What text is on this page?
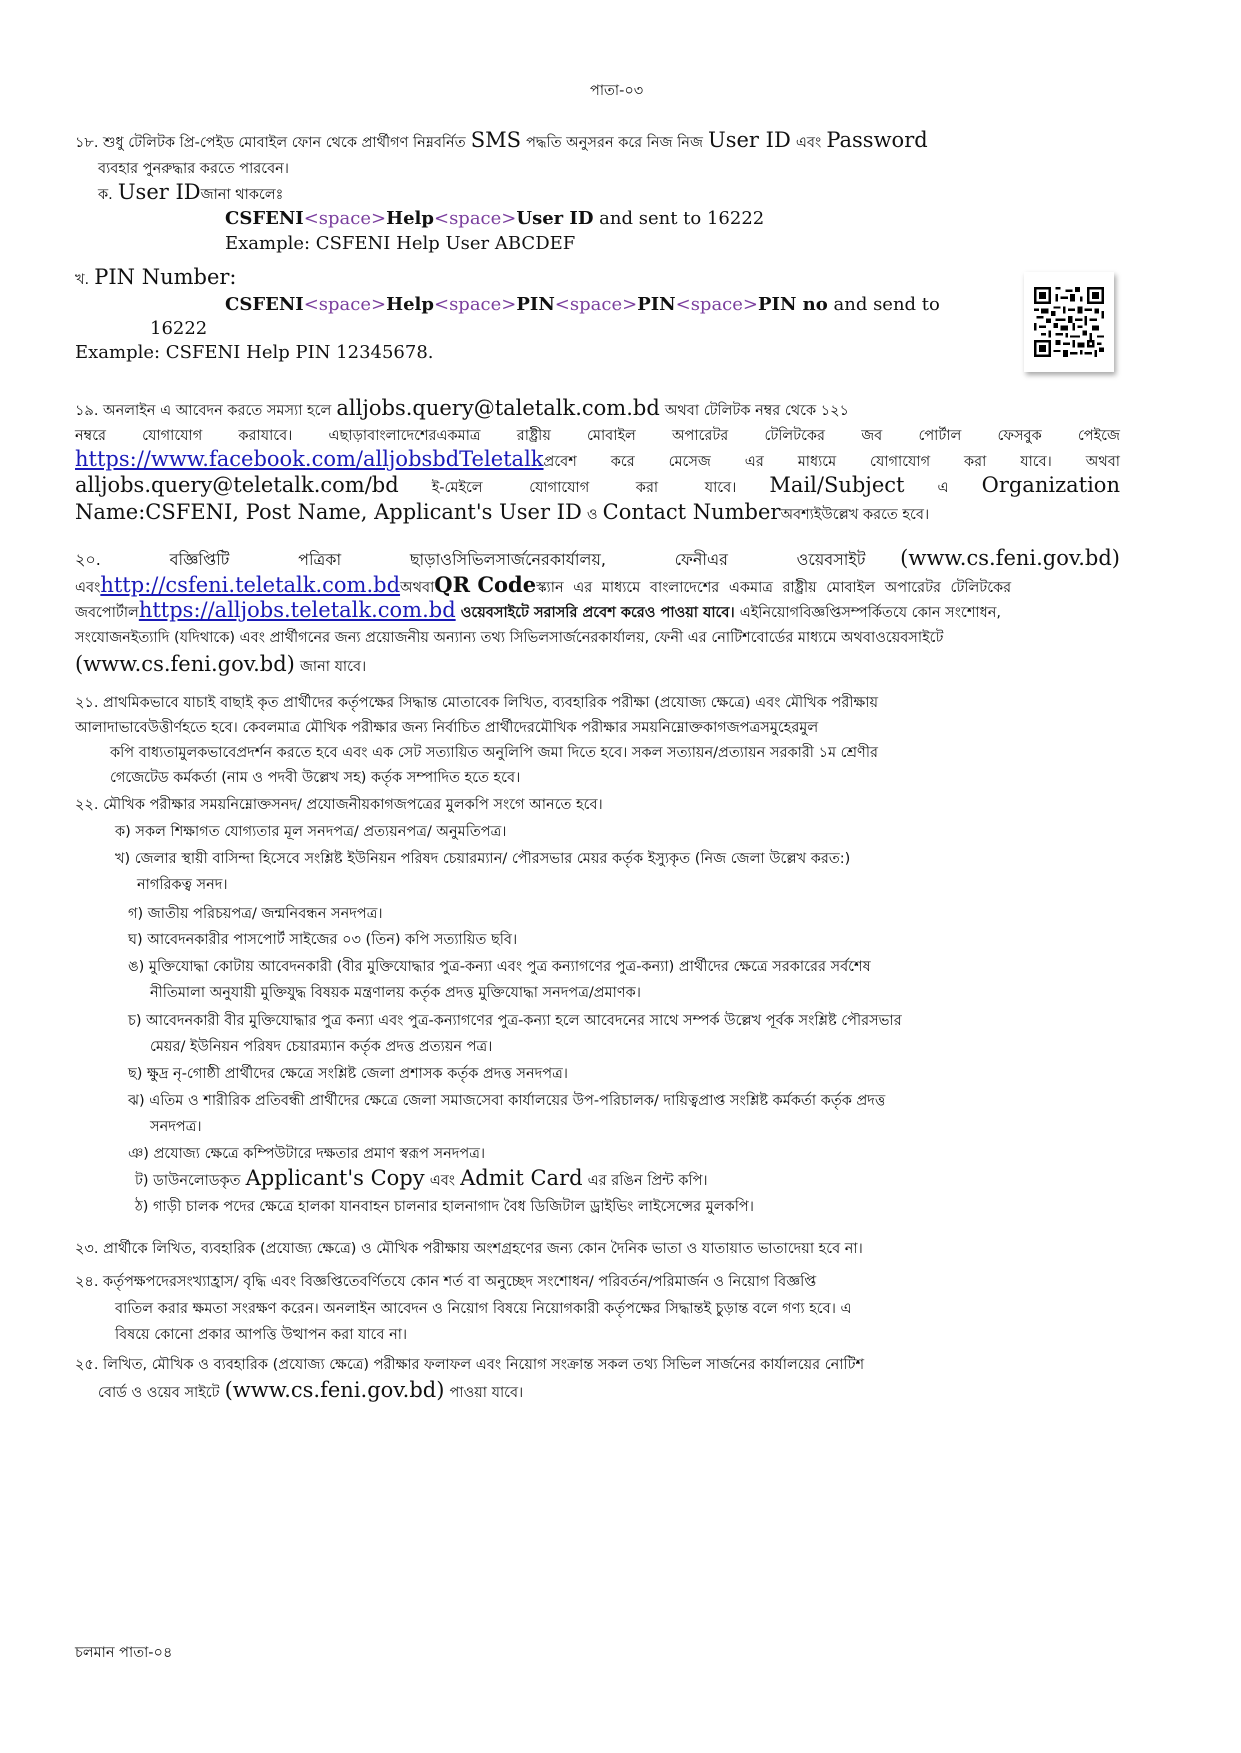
পাতা-০৩
১৮. শুধু টেলিটক প্রি-পেইড মোবাইল ফোন থেকে প্রার্থীগণ নিম্নবর্নিত SMS পদ্ধতি অনুসরন করে নিজ নিজ User ID এবং Password
ব্যবহার পুনরুদ্ধার করতে পারবেন।
ক. User IDজানা থাকলেঃ
CSFENI<space>Help<space>User ID and sent to 16222
Example: CSFENI Help User ABCDEF
খ. PIN Number:
CSFENI<space>Help<space>PIN<space>PIN<space>PIN no and send to
16222
Example: CSFENI Help PIN 12345678.
১৯. অনলাইন এ আবেদন করতে সমস্যা হলে alljobs.query@taletalk.com.bd অথবা টেলিটক নম্বর থেকে ১২১
নম্বরে যোগাযোগ করাযাবে। এছাড়াবাংলাদেশেরএকমাত্র রাষ্ট্রীয় মোবাইল অপারেটর টেলিটকের জব পোর্টাল ফেসবুক পেইজে
https://www.facebook.com/alljobsbdTeletalkপ্রবেশ করে মেসেজ এর মাধ্যমে যোগাযোগ করা যাবে। অথবা
alljobs.query@teletalk.com/bd ই-মেইলে যোগাযোগ করা যাবে। Mail/Subject এ Organization
Name:CSFENI, Post Name, Applicant's User ID ও Contact Numberঅবশ্যইউল্লেখ করতে হবে।
২০. বজ্ঞিপ্তিটি পত্রিকা ছাড়াওসিভিলসার্জনেরকার্যালয়, ফেনীএর ওয়েবসাইট (www.cs.feni.gov.bd)
এবংhttp://csfeni.teletalk.com.bdঅথবাQR Codeস্ক্যান এর মাধ্যমে বাংলাদেশের একমাত্র রাষ্ট্রীয় মোবাইল অপারেটর টেলিটকের
জবপোর্টালhttps://alljobs.teletalk.com.bd ওয়েবসাইটে সরাসরি প্রবেশ করেও পাওয়া যাবে। এইনিয়োগবিজ্ঞপ্তিসম্পর্কিতযে কোন সংশোধন,
সংযোজনইত্যাদি (যদিথাকে) এবং প্রার্থীগনের জন্য প্রয়োজনীয় অন্যান্য তথ্য সিভিলসার্জনেরকার্যালয়, ফেনী এর নোটিশবোর্ডের মাধ্যমে অথবাওয়েবসাইটে
(www.cs.feni.gov.bd) জানা যাবে।
২১. প্রাথমিকভাবে যাচাই বাছাই কৃত প্রার্থীদের কর্তৃপক্ষের সিদ্ধান্ত মোতাবেক লিখিত, ব্যবহারিক পরীক্ষা (প্রযোজ্য ক্ষেত্রে) এবং মৌখিক পরীক্ষায়
আলাদাভাবেউত্তীর্ণহতে হবে। কেবলমাত্র মৌখিক পরীক্ষার জন্য নির্বাচিত প্রার্থীদেরমৌখিক পরীক্ষার সময়নিম্নোক্তকাগজপত্রসমুহেরমুল
কপি বাধ্যতামুলকভাবেপ্রদর্শন করতে হবে এবং এক সেট সত্যায়িত অনুলিপি জমা দিতে হবে। সকল সত্যায়ন/প্রত্যায়ন সরকারী ১ম শ্রেণীর
গেজেটেড কর্মকর্তা (নাম ও পদবী উল্লেখ সহ) কর্তৃক সম্পাদিত হতে হবে।
২২. মৌখিক পরীক্ষার সময়নিম্নোক্তসনদ/ প্রযোজনীয়কাগজপত্রের মুলকপি সংগে আনতে হবে।
ক) সকল শিক্ষাগত যোগ্যতার মূল সনদপত্র/ প্রত্যয়নপত্র/ অনুমতিপত্র।
খ) জেলার স্থায়ী বাসিন্দা হিসেবে সংশ্লিষ্ট ইউনিয়ন পরিষদ চেয়ারম্যান/ পৌরসভার মেয়র কর্তৃক ইস্যুকৃত (নিজ জেলা উল্লেখ করত:)
নাগরিকত্ব সনদ।
গ) জাতীয় পরিচয়পত্র/ জন্মনিবন্ধন সনদপত্র।
ঘ) আবেদনকারীর পাসপোর্ট সাইজের ০৩ (তিন) কপি সত্যায়িত ছবি।
ঙ) মুক্তিযোদ্ধা কোটায় আবেদনকারী (বীর মুক্তিযোদ্ধার পুত্র-কন্যা এবং পুত্র কন্যাগণের পুত্র-কন্যা) প্রার্থীদের ক্ষেত্রে সরকারের সর্বশেষ
নীতিমালা অনুযায়ী মুক্তিযুদ্ধ বিষয়ক মন্ত্রণালয় কর্তৃক প্রদত্ত মুক্তিযোদ্ধা সনদপত্র/প্রমাণক।
চ) আবেদনকারী বীর মুক্তিযোদ্ধার পুত্র কন্যা এবং পুত্র-কন্যাগণের পুত্র-কন্যা হলে আবেদনের সাথে সম্পর্ক উল্লেখ পূর্বক সংশ্লিষ্ট পৌরসভার
মেয়র/ ইউনিয়ন পরিষদ চেয়ারম্যান কর্তৃক প্রদত্ত প্রত্যয়ন পত্র।
ছ) ক্ষুদ্র নৃ-গোষ্ঠী প্রার্থীদের ক্ষেত্রে সংশ্লিষ্ট জেলা প্রশাসক কর্তৃক প্রদত্ত সনদপত্র।
ঝ) এতিম ও শারীরিক প্রতিবন্ধী প্রার্থীদের ক্ষেত্রে জেলা সমাজসেবা কার্যালয়ের উপ-পরিচালক/ দায়িত্বপ্রাপ্ত সংশ্লিষ্ট কর্মকর্তা কর্তৃক প্রদত্ত
সনদপত্র।
ঞ) প্রযোজ্য ক্ষেত্রে কম্পিউটারে দক্ষতার প্রমাণ স্বরূপ সনদপত্র।
ট) ডাউনলোডকৃত Applicant's Copy এবং Admit Card এর রঙিন প্রিন্ট কপি।
ঠ) গাড়ী চালক পদের ক্ষেত্রে হালকা যানবাহন চালনার হালনাগাদ বৈধ ডিজিটাল ড্রাইভিং লাইসেন্সের মুলকপি।
২৩. প্রার্থীকে লিখিত, ব্যবহারিক (প্রযোজ্য ক্ষেত্রে) ও মৌখিক পরীক্ষায় অংশগ্রহণের জন্য কোন দৈনিক ভাতা ও যাতায়াত ভাতাদেয়া হবে না।
২৪. কর্তৃপক্ষপদেরসংখ্যাহ্রাস/ বৃদ্ধি এবং বিজ্ঞপ্তিতেবর্ণিতযে কোন শর্ত বা অনুচ্ছেদ সংশোধন/ পরিবর্তন/পরিমার্জন ও নিয়োগ বিজ্ঞপ্তি
বাতিল করার ক্ষমতা সংরক্ষণ করেন। অনলাইন আবেদন ও নিয়োগ বিষয়ে নিয়োগকারী কর্তৃপক্ষের সিদ্ধান্তই চুড়ান্ত বলে গণ্য হবে। এ
বিষয়ে কোনো প্রকার আপত্তি উত্থাপন করা যাবে না।
২৫. লিখিত, মৌখিক ও ব্যবহারিক (প্রযোজ্য ক্ষেত্রে) পরীক্ষার ফলাফল এবং নিয়োগ সংক্রান্ত সকল তথ্য সিভিল সার্জনের কার্যালয়ের নোটিশ
বোর্ড ও ওয়েব সাইটে (www.cs.feni.gov.bd) পাওয়া যাবে।
চলমান পাতা-০৪
